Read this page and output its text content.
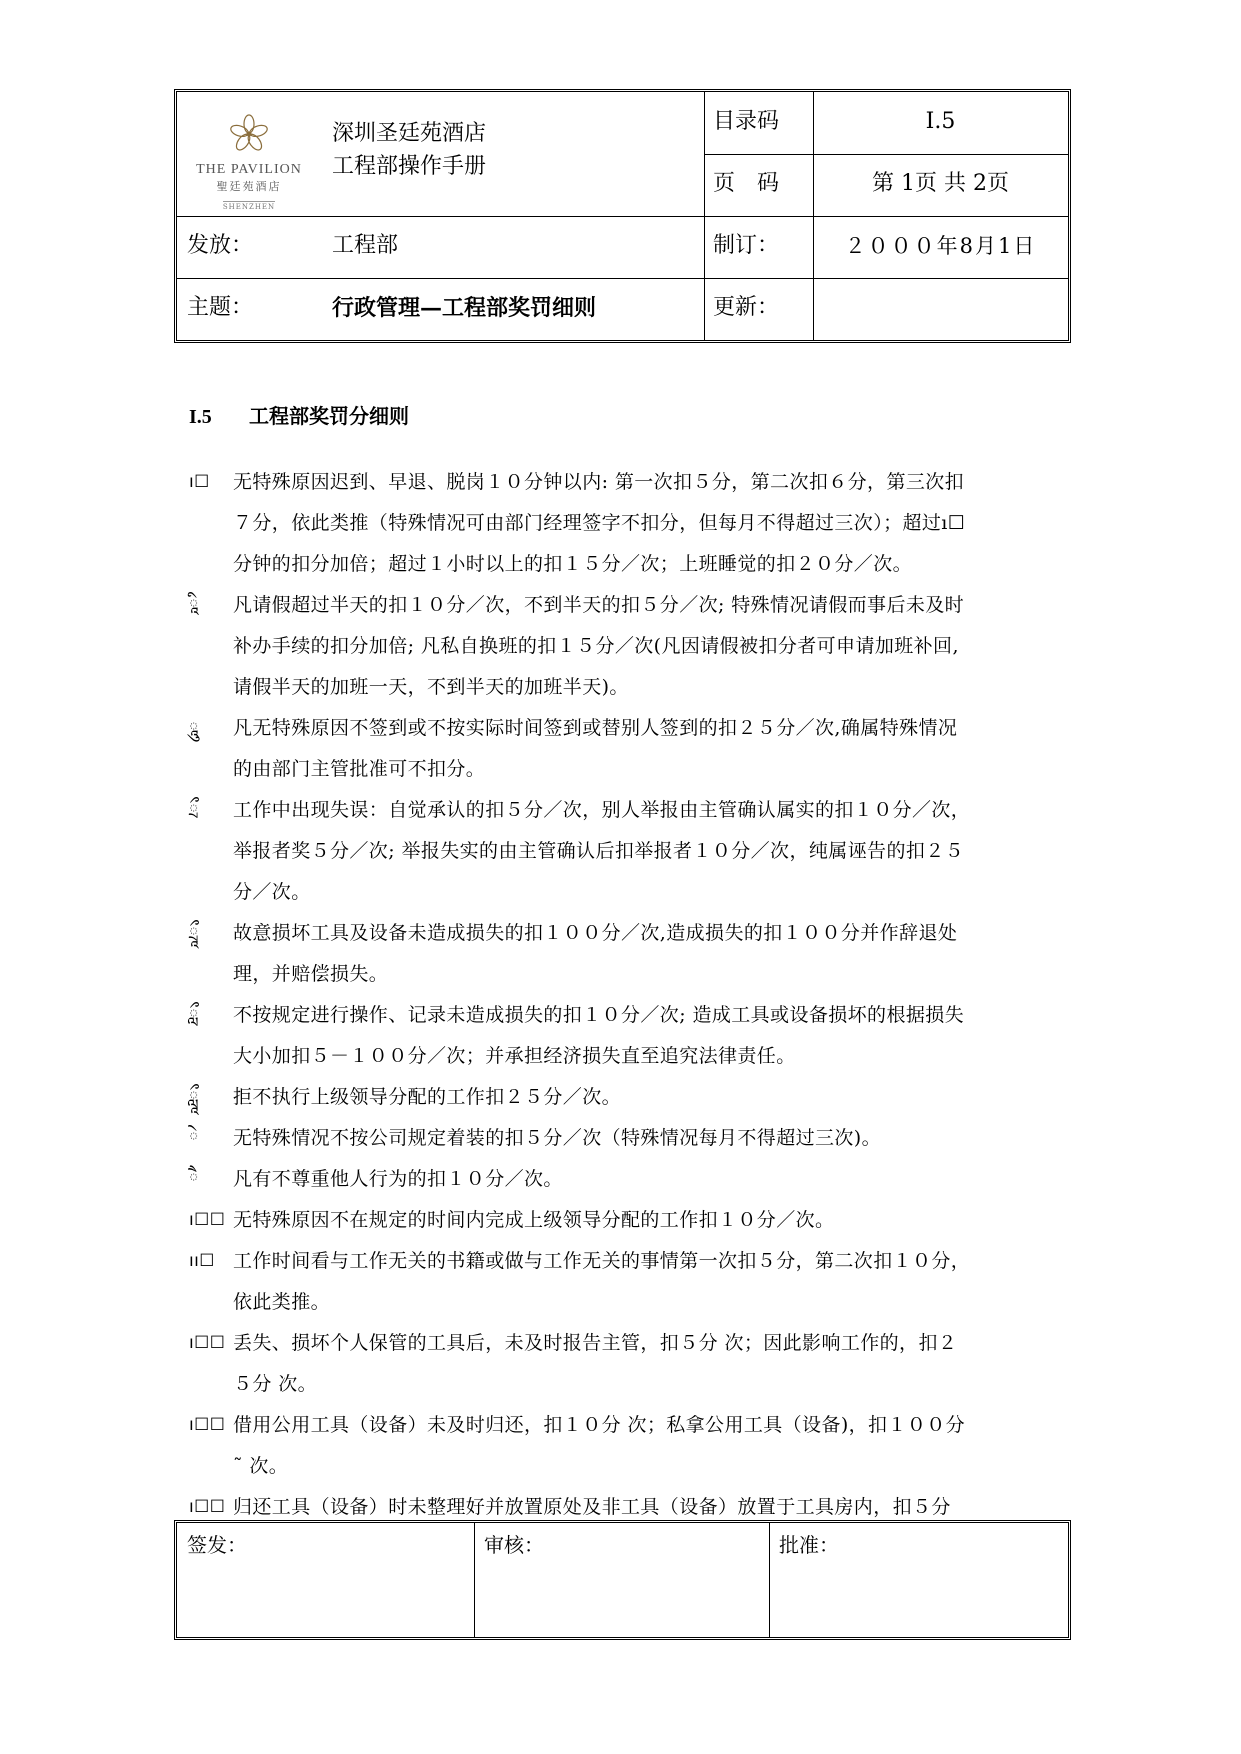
THE PAVILION
聖廷苑酒店
SHENZHEN
深圳圣廷苑酒店
工程部操作手册
目录码	I.5
页　码	第 1页 共 2页
发放：	工程部	制订：	２０００年8月1日
主题：	行政管理—工程部奖罚细则	更新：
I.5 工程部奖罚分细则
ı☐ 无特殊原因迟到、早退、脱岗１０分钟以内: 第一次扣５分，第二次扣６分，第三次扣
７分，依此类推（特殊情况可由部门经理签字不扣分，但每月不得超过三次）；超过ı☐
分钟的扣分加倍；超过１小时以上的扣１５分／次；上班睡觉的扣２０分／次。
ཱི 凡请假超过半天的扣１０分／次，不到半天的扣５分／次; 特殊情况请假而事后未及时
补办手续的扣分加倍; 凡私自换班的扣１５分／次(凡因请假被扣分者可申请加班补回,
请假半天的加班一天，不到半天的加班半天)。
ཱུ 凡无特殊原因不签到或不按实际时间签到或替别人签到的扣２５分／次,确属特殊情况
的由部门主管批准可不扣分。
ྲྀ 工作中出现失误：自觉承认的扣５分／次，别人举报由主管确认属实的扣１０分／次，
举报者奖５分／次; 举报失实的由主管确认后扣举报者１０分／次，纯属诬告的扣２５
分／次。
ཷ 故意损坏工具及设备未造成损失的扣１００分／次,造成损失的扣１００分并作辞退处
理，并赔偿损失。
ླྀ 不按规定进行操作、记录未造成损失的扣１０分／次; 造成工具或设备损坏的根据损失
大小加扣５－１００分／次；并承担经济损失直至追究法律责任。
ཹ 拒不执行上级领导分配的工作扣２５分／次。
ེ 无特殊情况不按公司规定着装的扣５分／次（特殊情况每月不得超过三次)。
ཻ 凡有不尊重他人行为的扣１０分／次。
ı☐☐ 无特殊原因不在规定的时间内完成上级领导分配的工作扣１０分／次。
ıı☐ 工作时间看与工作无关的书籍或做与工作无关的事情第一次扣５分，第二次扣１０分，
依此类推。
ı☐☐ 丢失、损坏个人保管的工具后，未及时报告主管，扣５分 次；因此影响工作的，扣２
５分 次。
ı☐☐ 借用公用工具（设备）未及时归还，扣１０分 次；私拿公用工具（设备)，扣１００分
˜ 次。
ı☐☐ 归还工具（设备）时未整理好并放置原处及非工具（设备）放置于工具房内，扣５分
签发：	审核：	批准：
